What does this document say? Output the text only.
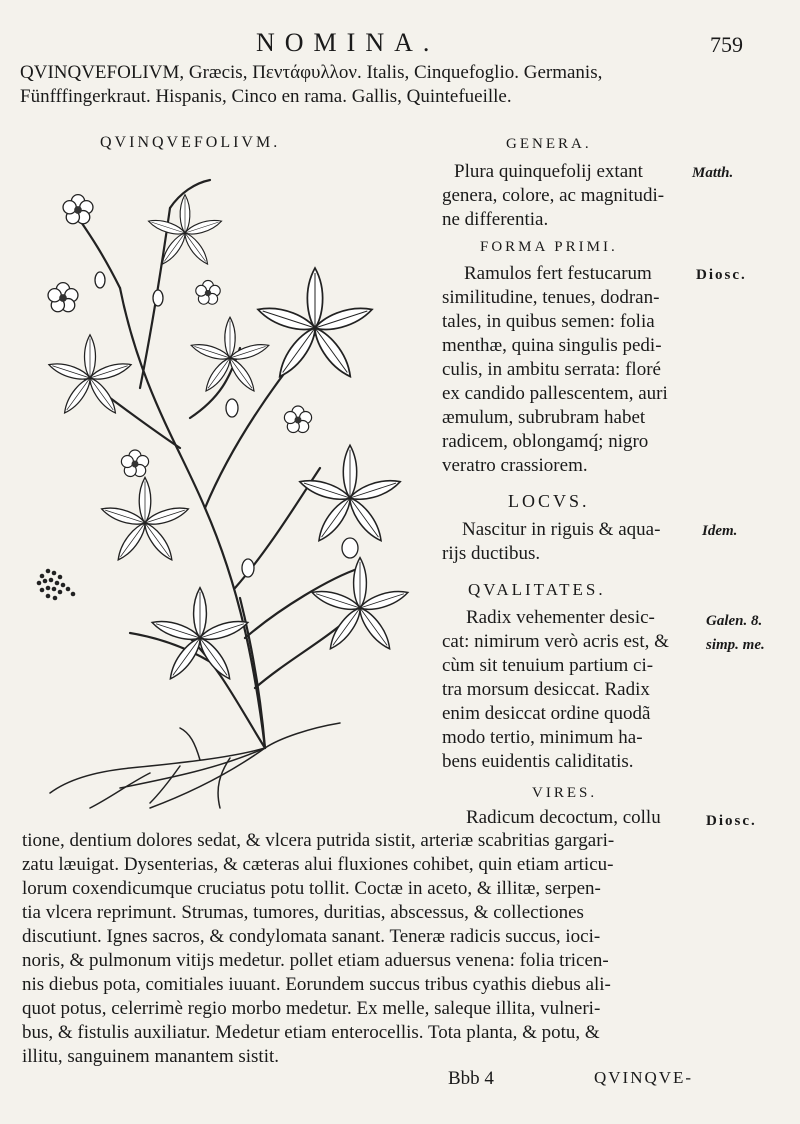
NOMINA.	759
QVINQVEFOLIVM, Græcis, Πεντάφυλλον. Italis, Cinquefoglio. Germanis,
Fünfffingerkraut. Hispanis, Cinco en rama. Gallis, Quintefueille.
QVINQVEFOLIVM.	GENERA.
Plura quinquefolij extant	Matth.
genera, colore, ac magnitudi-
ne differentia.
FORMA PRIMI.
Ramulos fert festucarum	Diosc.
similitudine, tenues, dodran-
tales, in quibus semen: folia
menthæ, quina singulis pedi-
culis, in ambitu serrata: floré
ex candido pallescentem, auri
æmulum, subrubram habet
radicem, oblongamq́; nigro
veratro crassiorem.
LOCVS.
Nascitur in riguis & aqua-	Idem.
rijs ductibus.
QVALITATES.
Radix vehementer desic-	Galen. 8.
cat: nimirum verò acris est, & simp. me.
cùm sit tenuium partium ci-
tra morsum desiccat. Radix
enim desiccat ordine quodã
modo tertio, minimum ha-
bens euidentis caliditatis.
VIRES.
Radicum decoctum, collu	Diosc.
tione, dentium dolores sedat, & vlcera putrida sistit, arteriæ scabritias gargari-
zatu læuigat. Dysenterias, & cæteras alui fluxiones cohibet, quin etiam articu-
lorum coxendicumque cruciatus potu tollit. Coctæ in aceto, & illitæ, serpen-
tia vlcera reprimunt. Strumas, tumores, duritias, abscessus, & collectiones
discutiunt. Ignes sacros, & condylomata sanant. Teneræ radicis succus, ioci-
noris, & pulmonum vitijs medetur. pollet etiam aduersus venena: folia tricen-
nis diebus pota, comitiales iuuant. Eorundem succus tribus cyathis diebus ali-
quot potus, celerrimè regio morbo medetur. Ex melle, saleque illita, vulneri-
bus, & fistulis auxiliatur. Medetur etiam enterocellis. Tota planta, & potu, &
illitu, sanguinem manantem sistit.
Bbb 4	QVINQVE-
